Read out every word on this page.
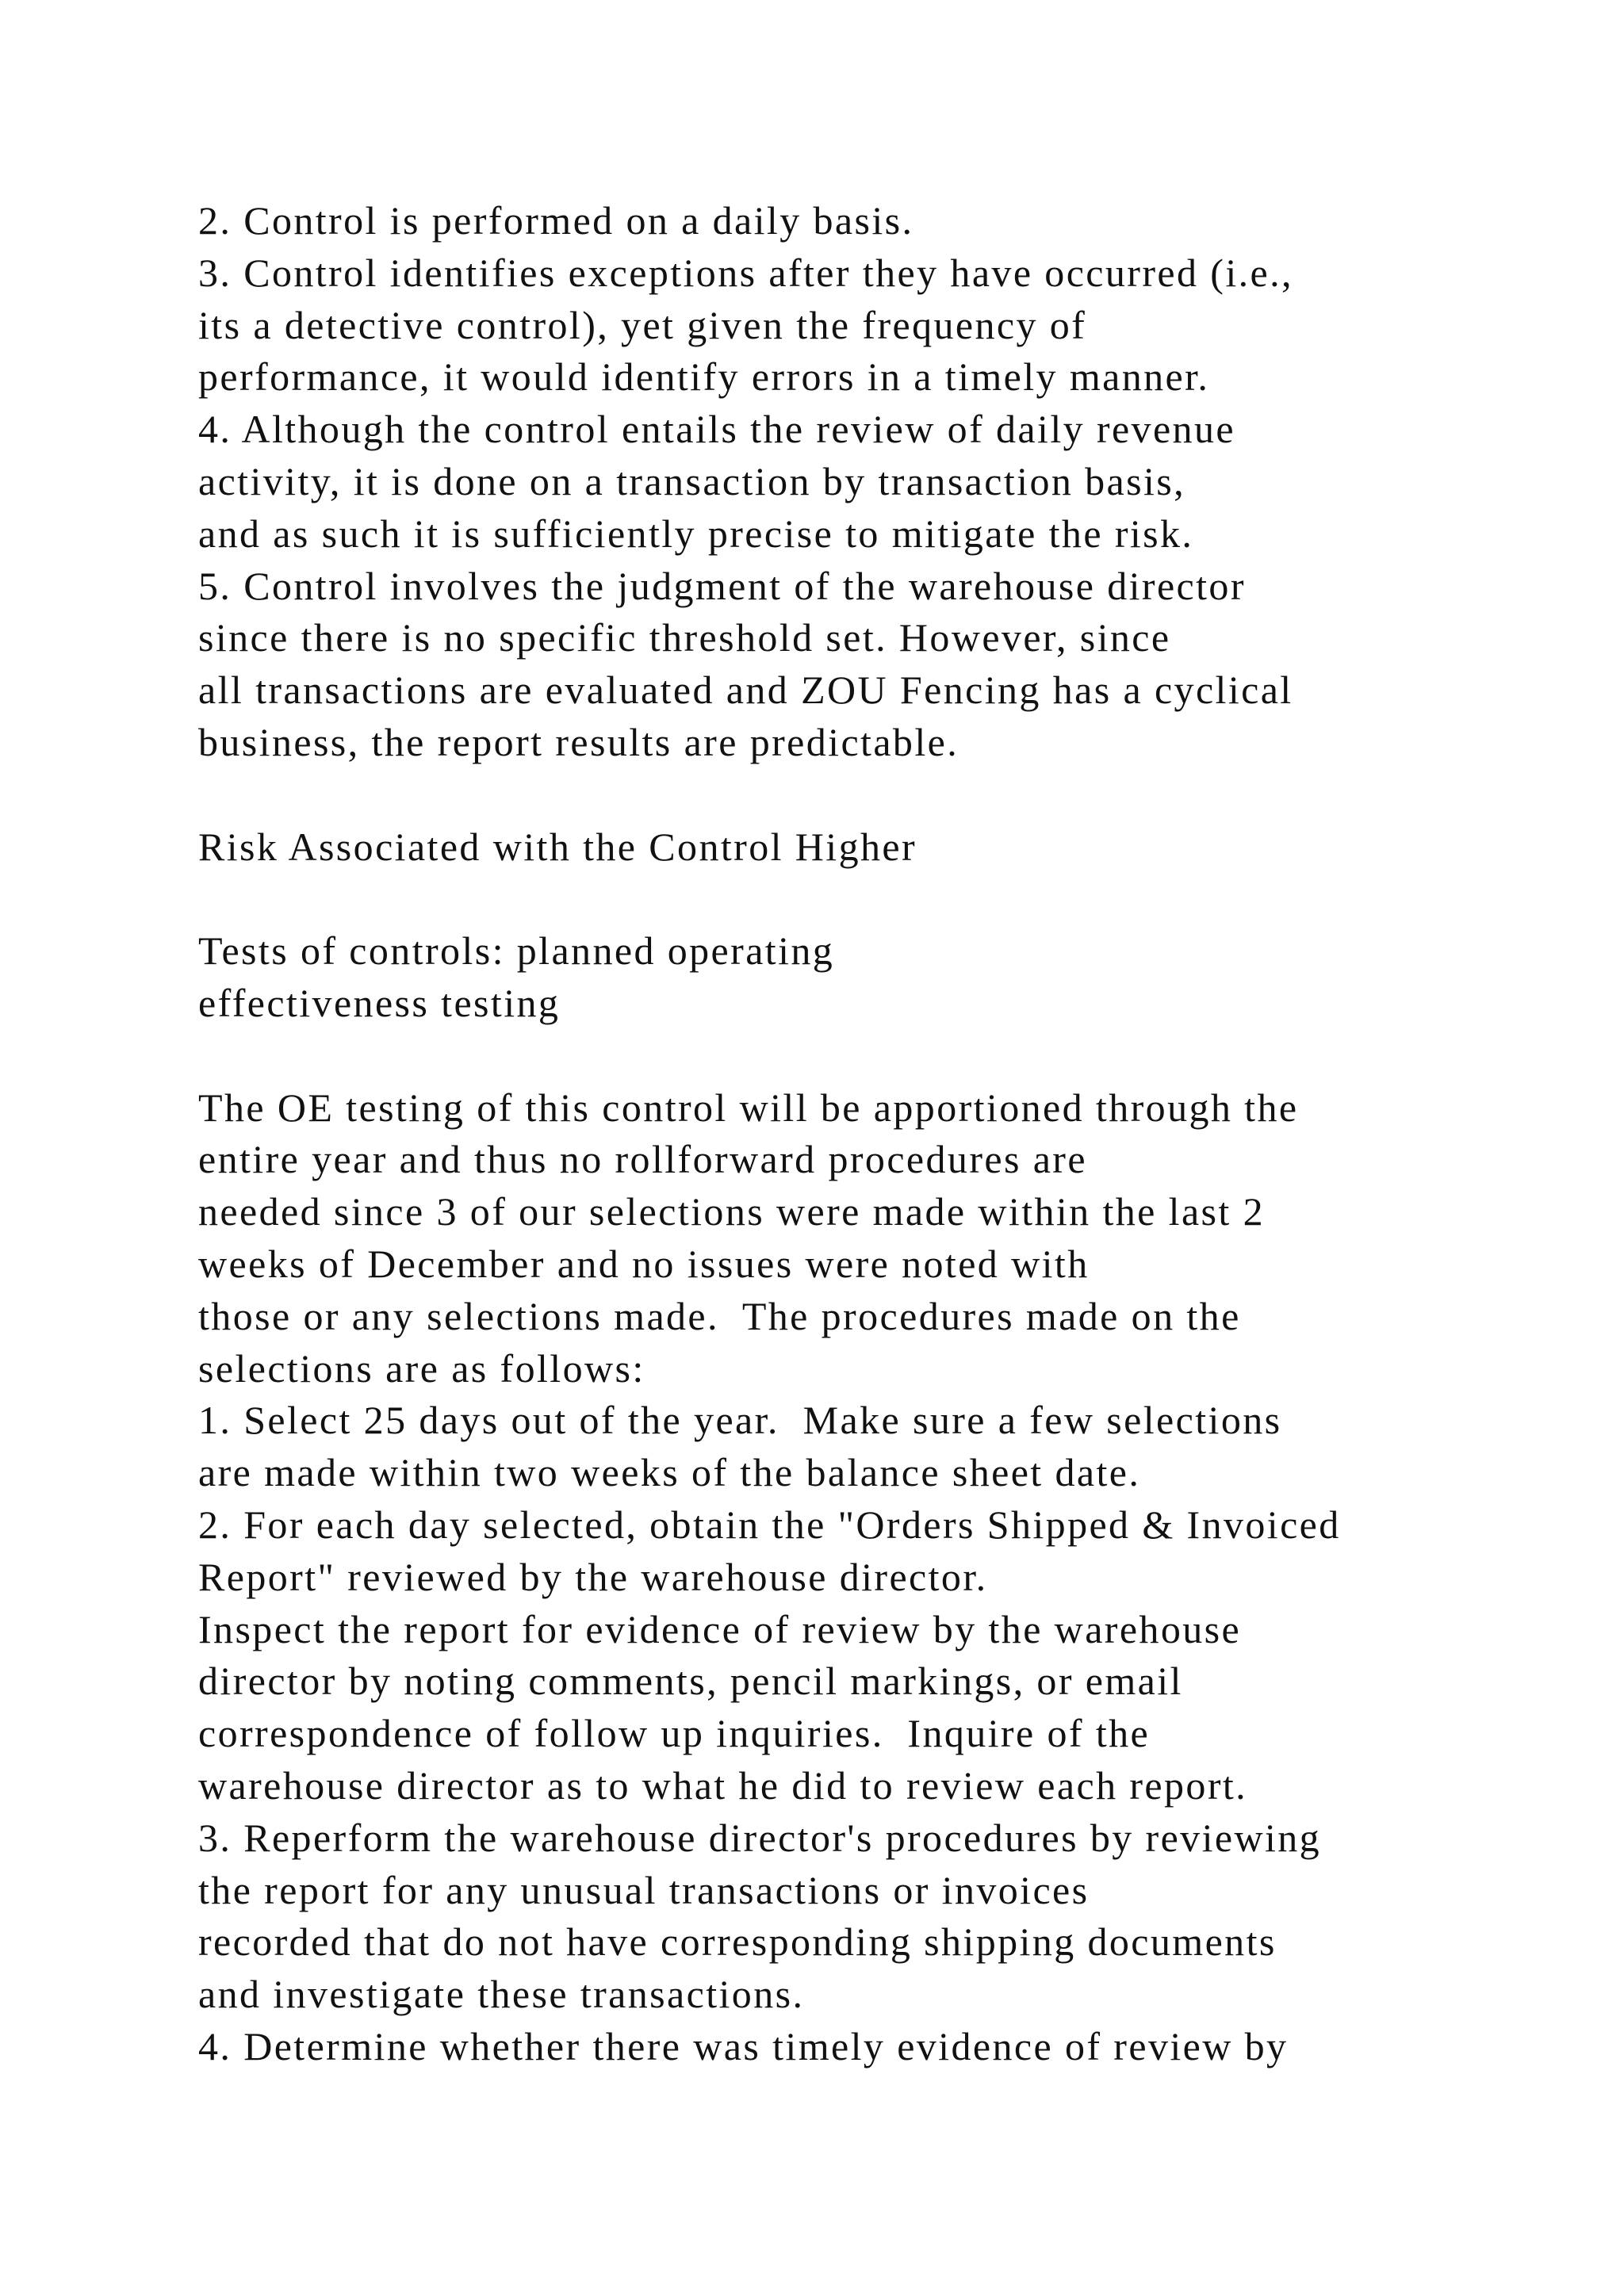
2. Control is performed on a daily basis.
3. Control identifies exceptions after they have occurred (i.e.,
its a detective control), yet given the frequency of
performance, it would identify errors in a timely manner.
4. Although the control entails the review of daily revenue
activity, it is done on a transaction by transaction basis,
and as such it is sufficiently precise to mitigate the risk.
5. Control involves the judgment of the warehouse director
since there is no specific threshold set. However, since
all transactions are evaluated and ZOU Fencing has a cyclical
business, the report results are predictable.
Risk Associated with the Control Higher
Tests of controls: planned operating
effectiveness testing
The OE testing of this control will be apportioned through the
entire year and thus no rollforward procedures are
needed since 3 of our selections were made within the last 2
weeks of December and no issues were noted with
those or any selections made.  The procedures made on the
selections are as follows:
1. Select 25 days out of the year.  Make sure a few selections
are made within two weeks of the balance sheet date.
2. For each day selected, obtain the "Orders Shipped & Invoiced
Report" reviewed by the warehouse director.
Inspect the report for evidence of review by the warehouse
director by noting comments, pencil markings, or email
correspondence of follow up inquiries.  Inquire of the
warehouse director as to what he did to review each report.
3. Reperform the warehouse director's procedures by reviewing
the report for any unusual transactions or invoices
recorded that do not have corresponding shipping documents
and investigate these transactions.
4. Determine whether there was timely evidence of review by
